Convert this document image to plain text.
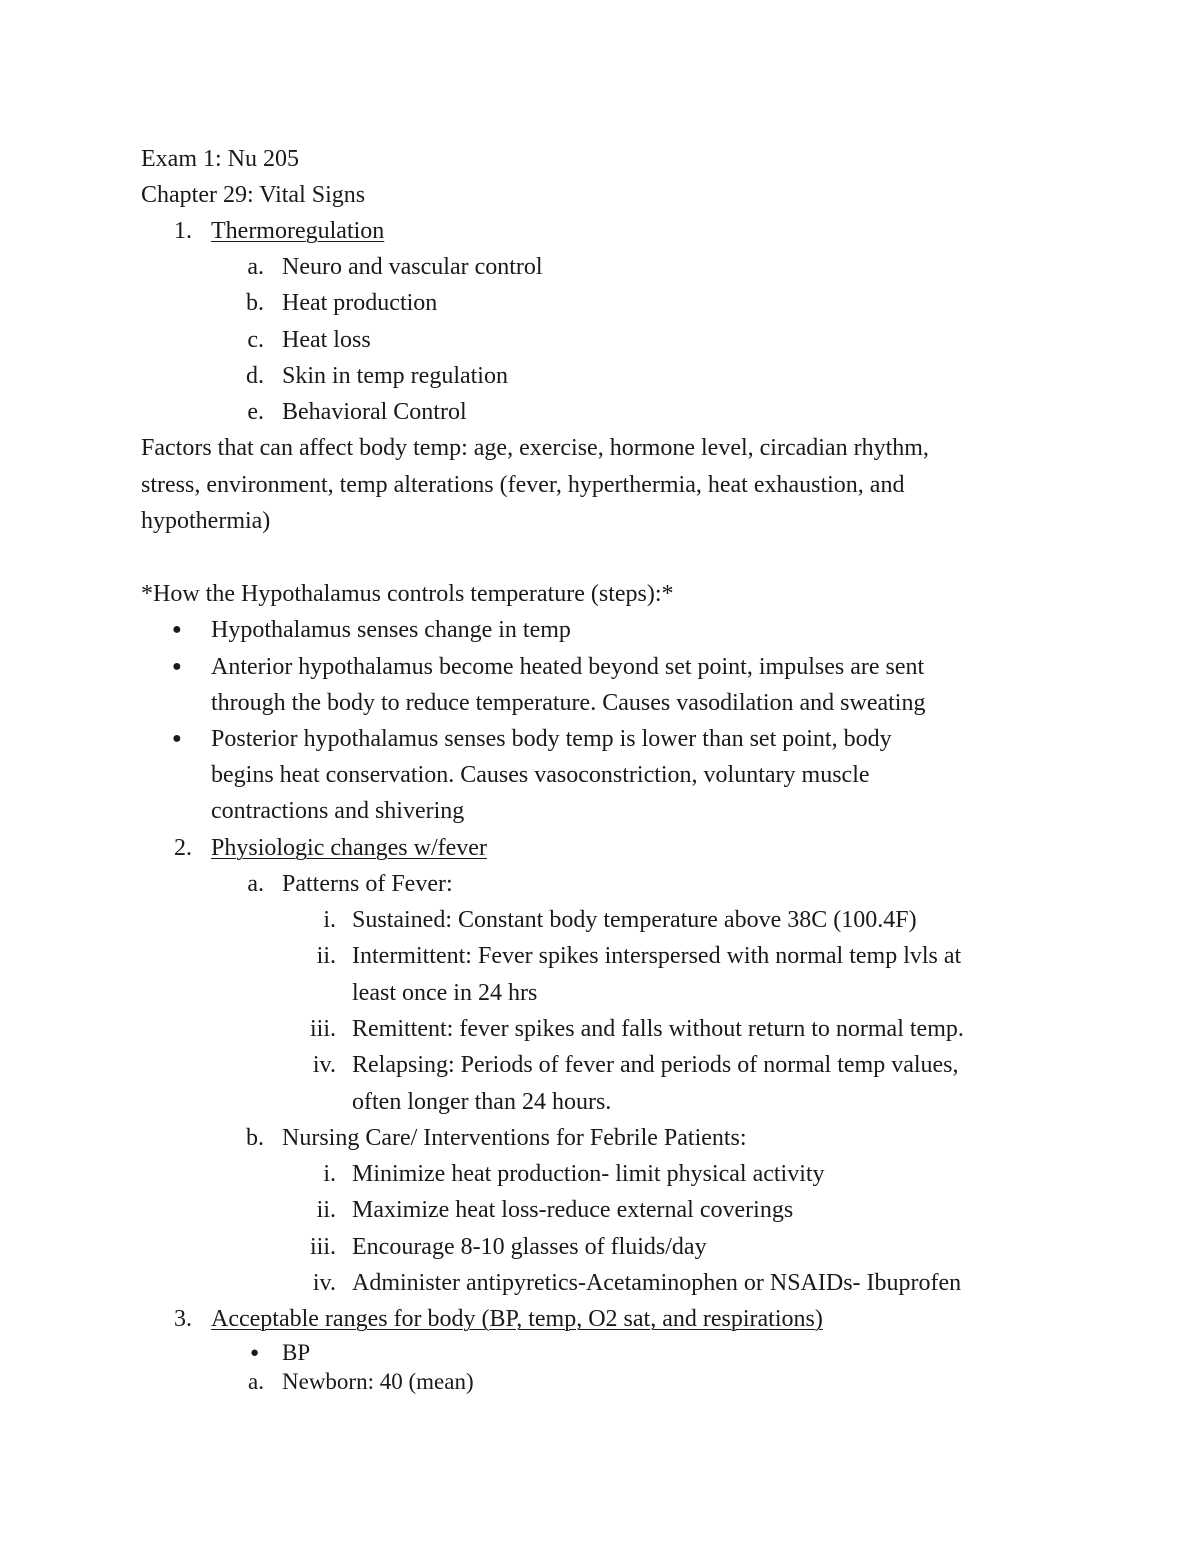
Exam 1: Nu 205
Chapter 29: Vital Signs
1. Thermoregulation
a. Neuro and vascular control
b. Heat production
c. Heat loss
d. Skin in temp regulation
e. Behavioral Control
Factors that can affect body temp: age, exercise, hormone level, circadian rhythm,
stress, environment, temp alterations (fever, hyperthermia, heat exhaustion, and
hypothermia)
*How the Hypothalamus controls temperature (steps):*
● Hypothalamus senses change in temp
● Anterior hypothalamus become heated beyond set point, impulses are sent
through the body to reduce temperature. Causes vasodilation and sweating
● Posterior hypothalamus senses body temp is lower than set point, body
begins heat conservation. Causes vasoconstriction, voluntary muscle
contractions and shivering
2. Physiologic changes w/fever
a. Patterns of Fever:
i. Sustained: Constant body temperature above 38C (100.4F)
ii. Intermittent: Fever spikes interspersed with normal temp lvls at
least once in 24 hrs
iii. Remittent: fever spikes and falls without return to normal temp.
iv. Relapsing: Periods of fever and periods of normal temp values,
often longer than 24 hours.
b. Nursing Care/ Interventions for Febrile Patients:
i. Minimize heat production- limit physical activity
ii. Maximize heat loss-reduce external coverings
iii. Encourage 8-10 glasses of fluids/day
iv. Administer antipyretics-Acetaminophen or NSAIDs- Ibuprofen
3. Acceptable ranges for body (BP, temp, O2 sat, and respirations)
● BP
a. Newborn: 40 (mean)
